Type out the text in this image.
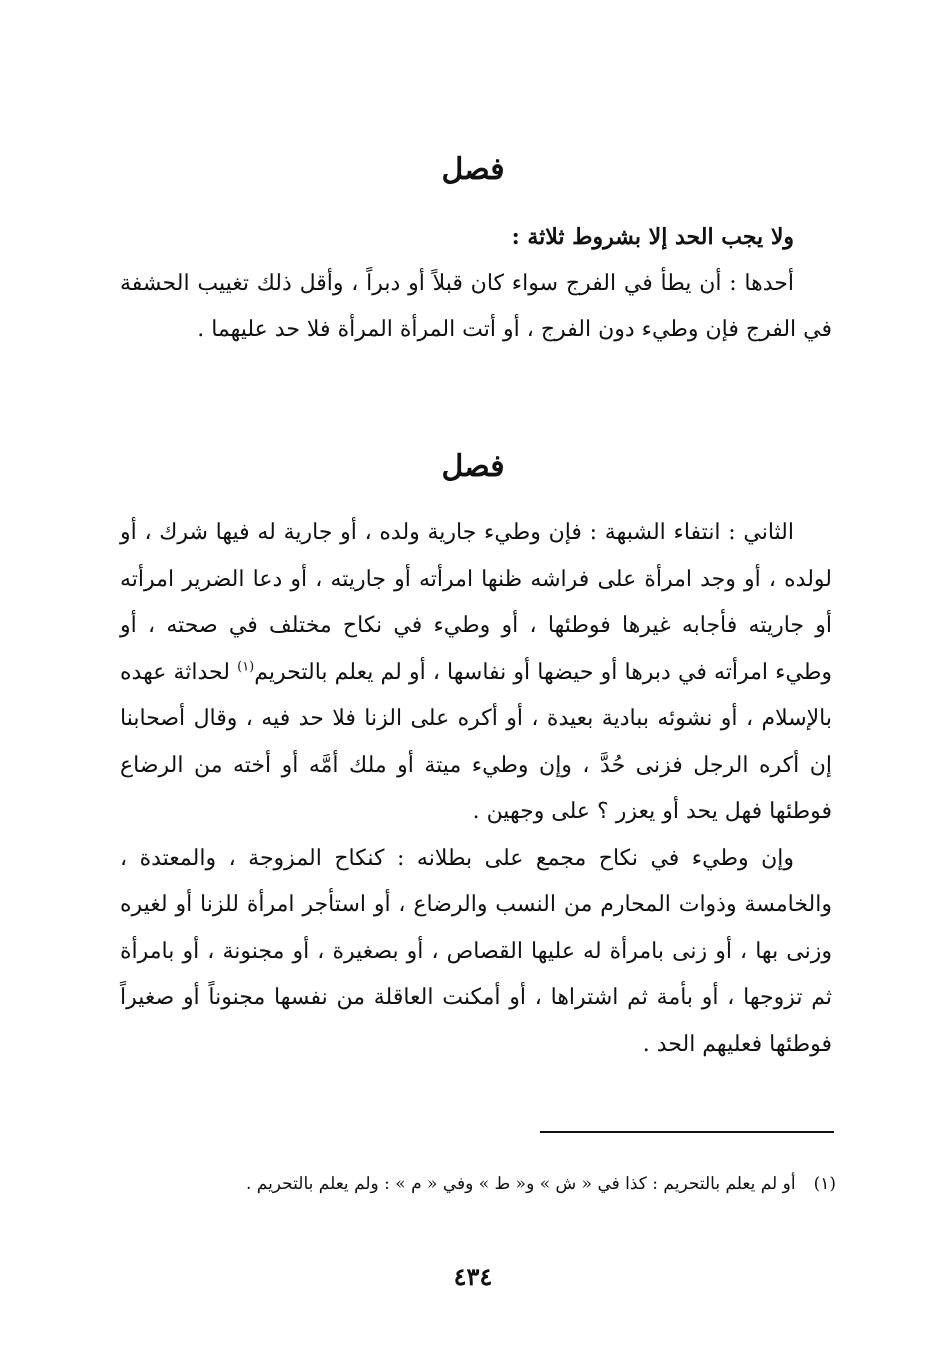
فصل

ولا يجب الحد إلا بشروط ثلاثة :

أحدها : أن يطأ في الفرج سواء كان قبلاً أو دبراً ، وأقل ذلك تغييب الحشفة في الفرج فإن وطيء دون الفرج ، أو أتت المرأة المرأة فلا حد عليهما .

فصل

الثاني : انتفاء الشبهة : فإن وطيء جارية ولده ، أو جارية له فيها شرك ، أو لولده ، أو وجد امرأة على فراشه ظنها امرأته أو جاريته ، أو دعا الضرير امرأته أو جاريته فأجابه غيرها فوطئها ، أو وطيء في نكاح مختلف في صحته ، أو وطيء امرأته في دبرها أو حيضها أو نفاسها ، أو لم يعلم بالتحريم$^{(١)}$ لحداثة عهده بالإسلام ، أو نشوئه ببادية بعيدة ، أو أكره على الزنا فلا حد فيه ، وقال أصحابنا إن أكره الرجل فزنى حُدَّ ، وإن وطيء ميتة أو ملك أمَّه أو أخته من الرضاع فوطئها فهل يحد أو يعزر ؟ على وجهين .

وإن وطيء في نكاح مجمع على بطلانه : كنكاح المزوجة ، والمعتدة ، والخامسة وذوات المحارم من النسب والرضاع ، أو استأجر امرأة للزنا أو لغيره وزنى بها ، أو زنى بامرأة له عليها القصاص ، أو بصغيرة ، أو مجنونة ، أو بامرأة ثم تزوجها ، أو بأمة ثم اشتراها ، أو أمكنت العاقلة من نفسها مجنوناً أو صغيراً فوطئها فعليهم الحد .

(١)أو لم يعلم بالتحريم : كذا في « ش » و« ط » وفي « م » : ولم يعلم بالتحريم .
٤٣٤
